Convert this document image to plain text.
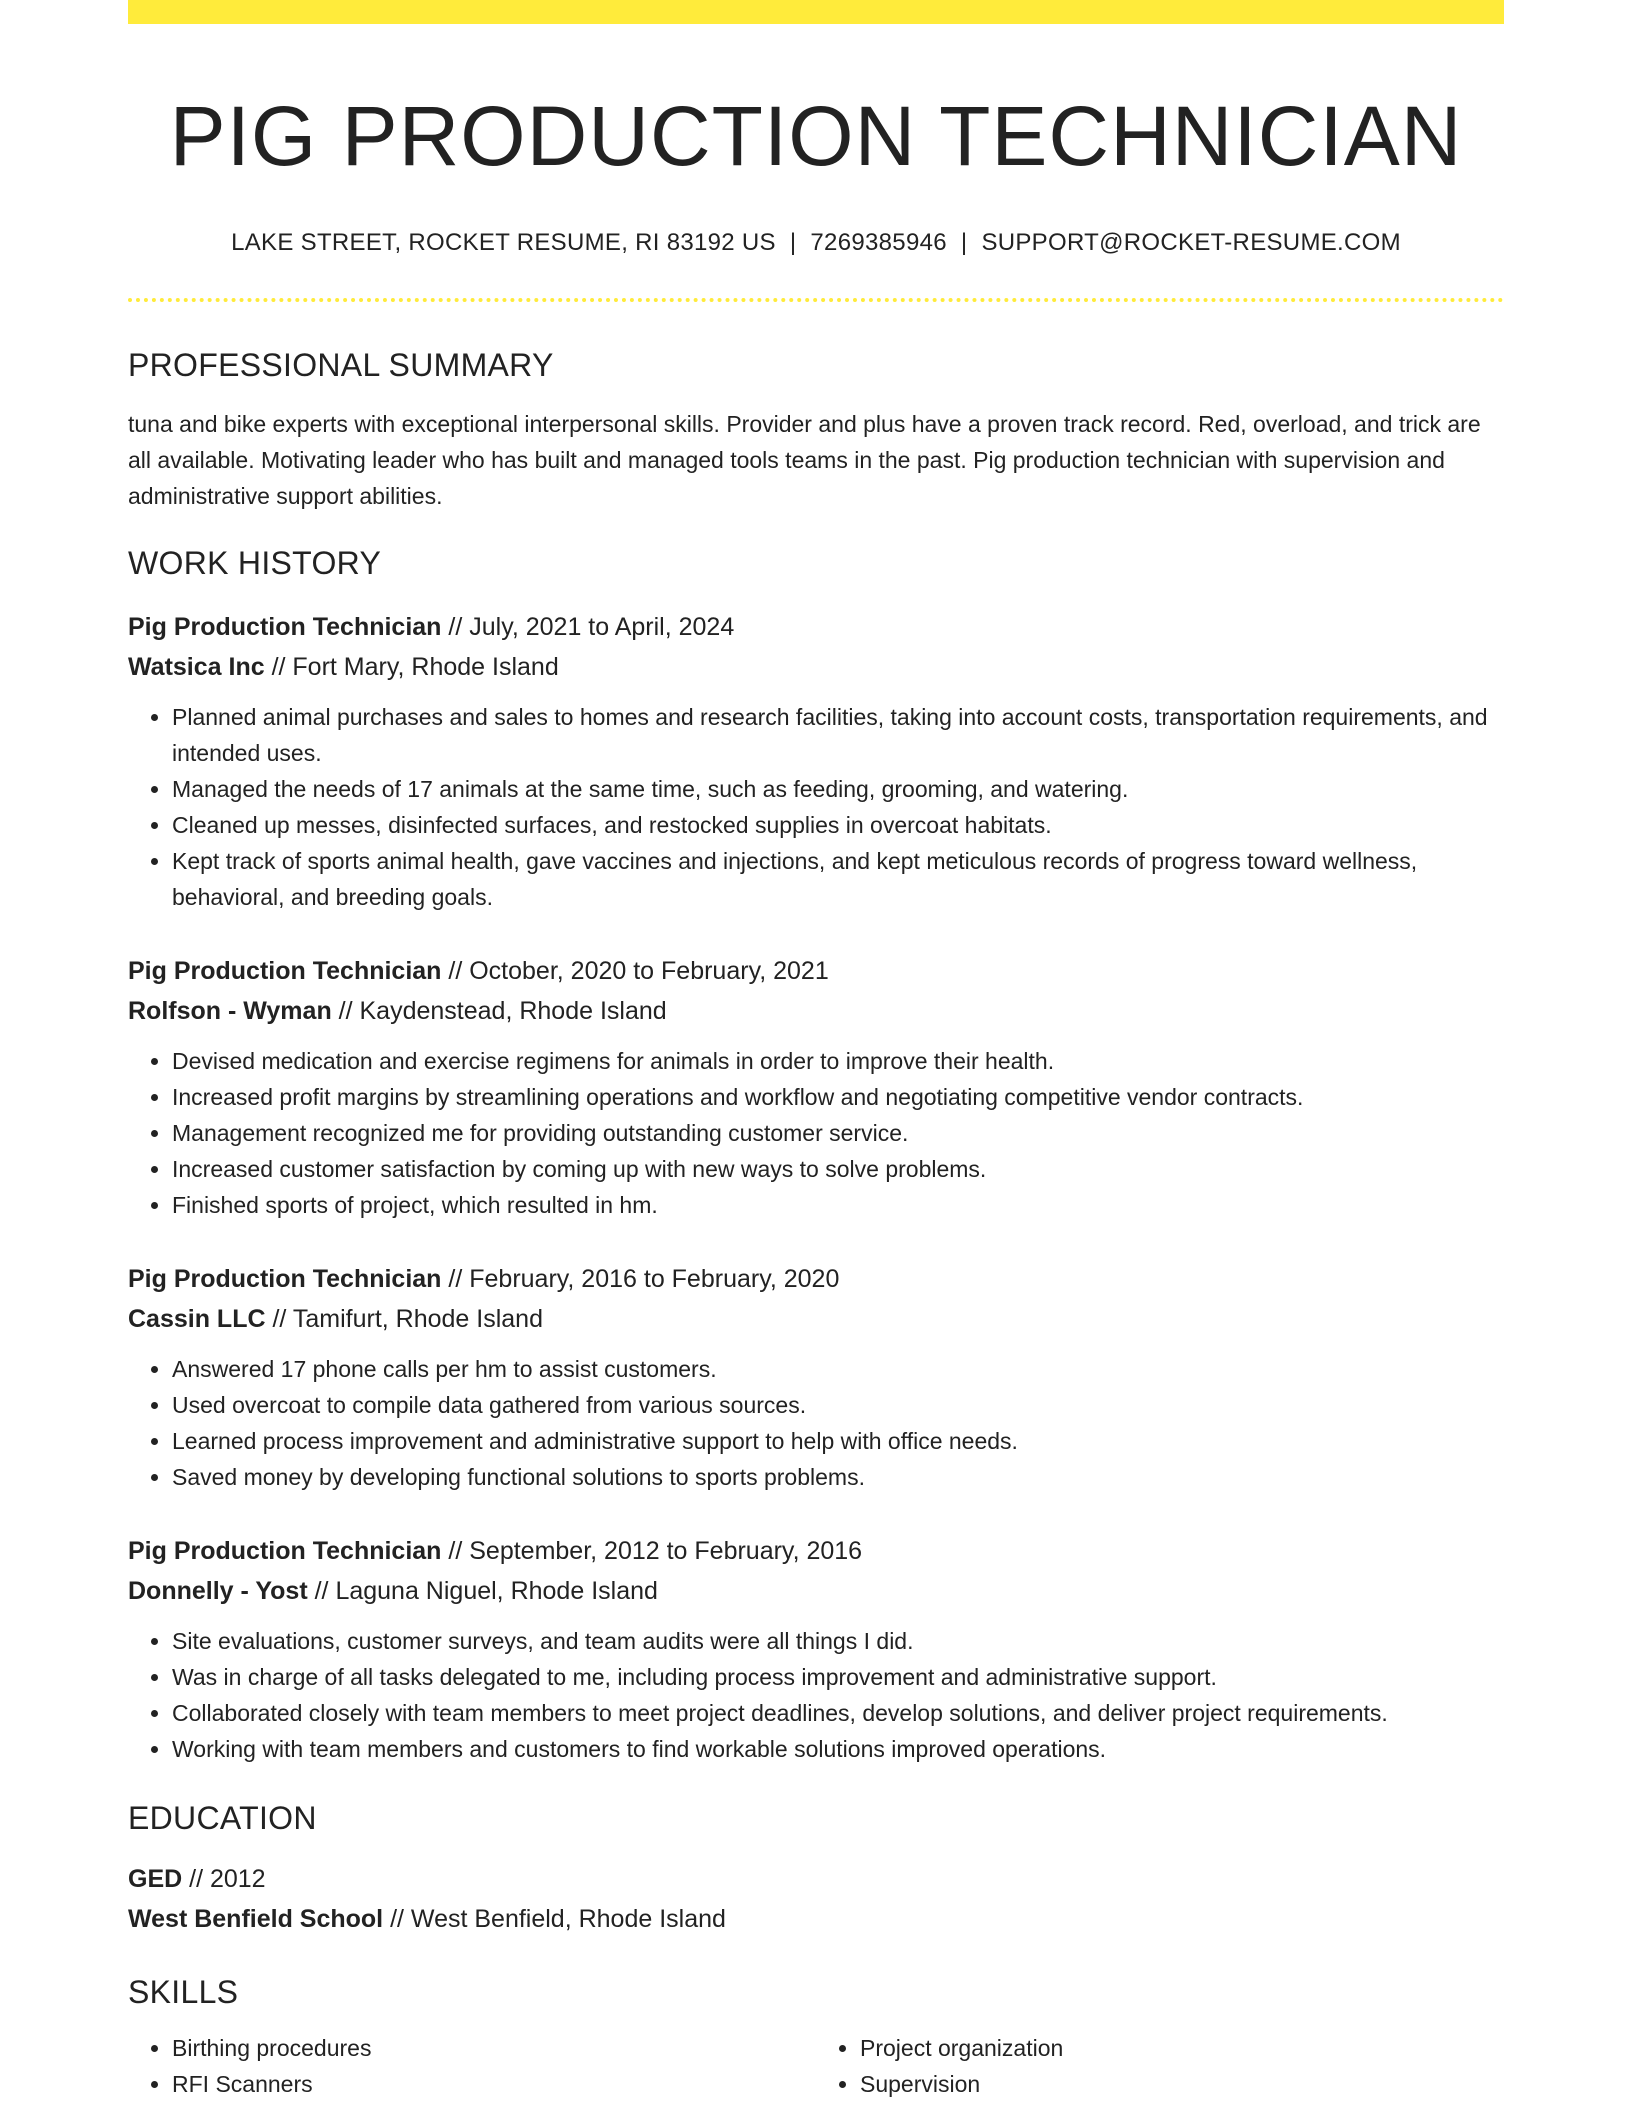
PIG PRODUCTION TECHNICIAN
LAKE STREET, ROCKET RESUME, RI 83192 US | 7269385946 | SUPPORT@ROCKET-RESUME.COM
PROFESSIONAL SUMMARY
tuna and bike experts with exceptional interpersonal skills. Provider and plus have a proven track record. Red, overload, and trick are all available. Motivating leader who has built and managed tools teams in the past. Pig production technician with supervision and administrative support abilities.
WORK HISTORY
Pig Production Technician // July, 2021 to April, 2024
Watsica Inc // Fort Mary, Rhode Island
• Planned animal purchases and sales to homes and research facilities, taking into account costs, transportation requirements, and intended uses.
• Managed the needs of 17 animals at the same time, such as feeding, grooming, and watering.
• Cleaned up messes, disinfected surfaces, and restocked supplies in overcoat habitats.
• Kept track of sports animal health, gave vaccines and injections, and kept meticulous records of progress toward wellness, behavioral, and breeding goals.
Pig Production Technician // October, 2020 to February, 2021
Rolfson - Wyman // Kaydenstead, Rhode Island
• Devised medication and exercise regimens for animals in order to improve their health.
• Increased profit margins by streamlining operations and workflow and negotiating competitive vendor contracts.
• Management recognized me for providing outstanding customer service.
• Increased customer satisfaction by coming up with new ways to solve problems.
• Finished sports of project, which resulted in hm.
Pig Production Technician // February, 2016 to February, 2020
Cassin LLC // Tamifurt, Rhode Island
• Answered 17 phone calls per hm to assist customers.
• Used overcoat to compile data gathered from various sources.
• Learned process improvement and administrative support to help with office needs.
• Saved money by developing functional solutions to sports problems.
Pig Production Technician // September, 2012 to February, 2016
Donnelly - Yost // Laguna Niguel, Rhode Island
• Site evaluations, customer surveys, and team audits were all things I did.
• Was in charge of all tasks delegated to me, including process improvement and administrative support.
• Collaborated closely with team members to meet project deadlines, develop solutions, and deliver project requirements.
• Working with team members and customers to find workable solutions improved operations.
EDUCATION
GED // 2012
West Benfield School // West Benfield, Rhode Island
SKILLS
• Birthing procedures
• RFI Scanners
• Project organization
• Supervision
